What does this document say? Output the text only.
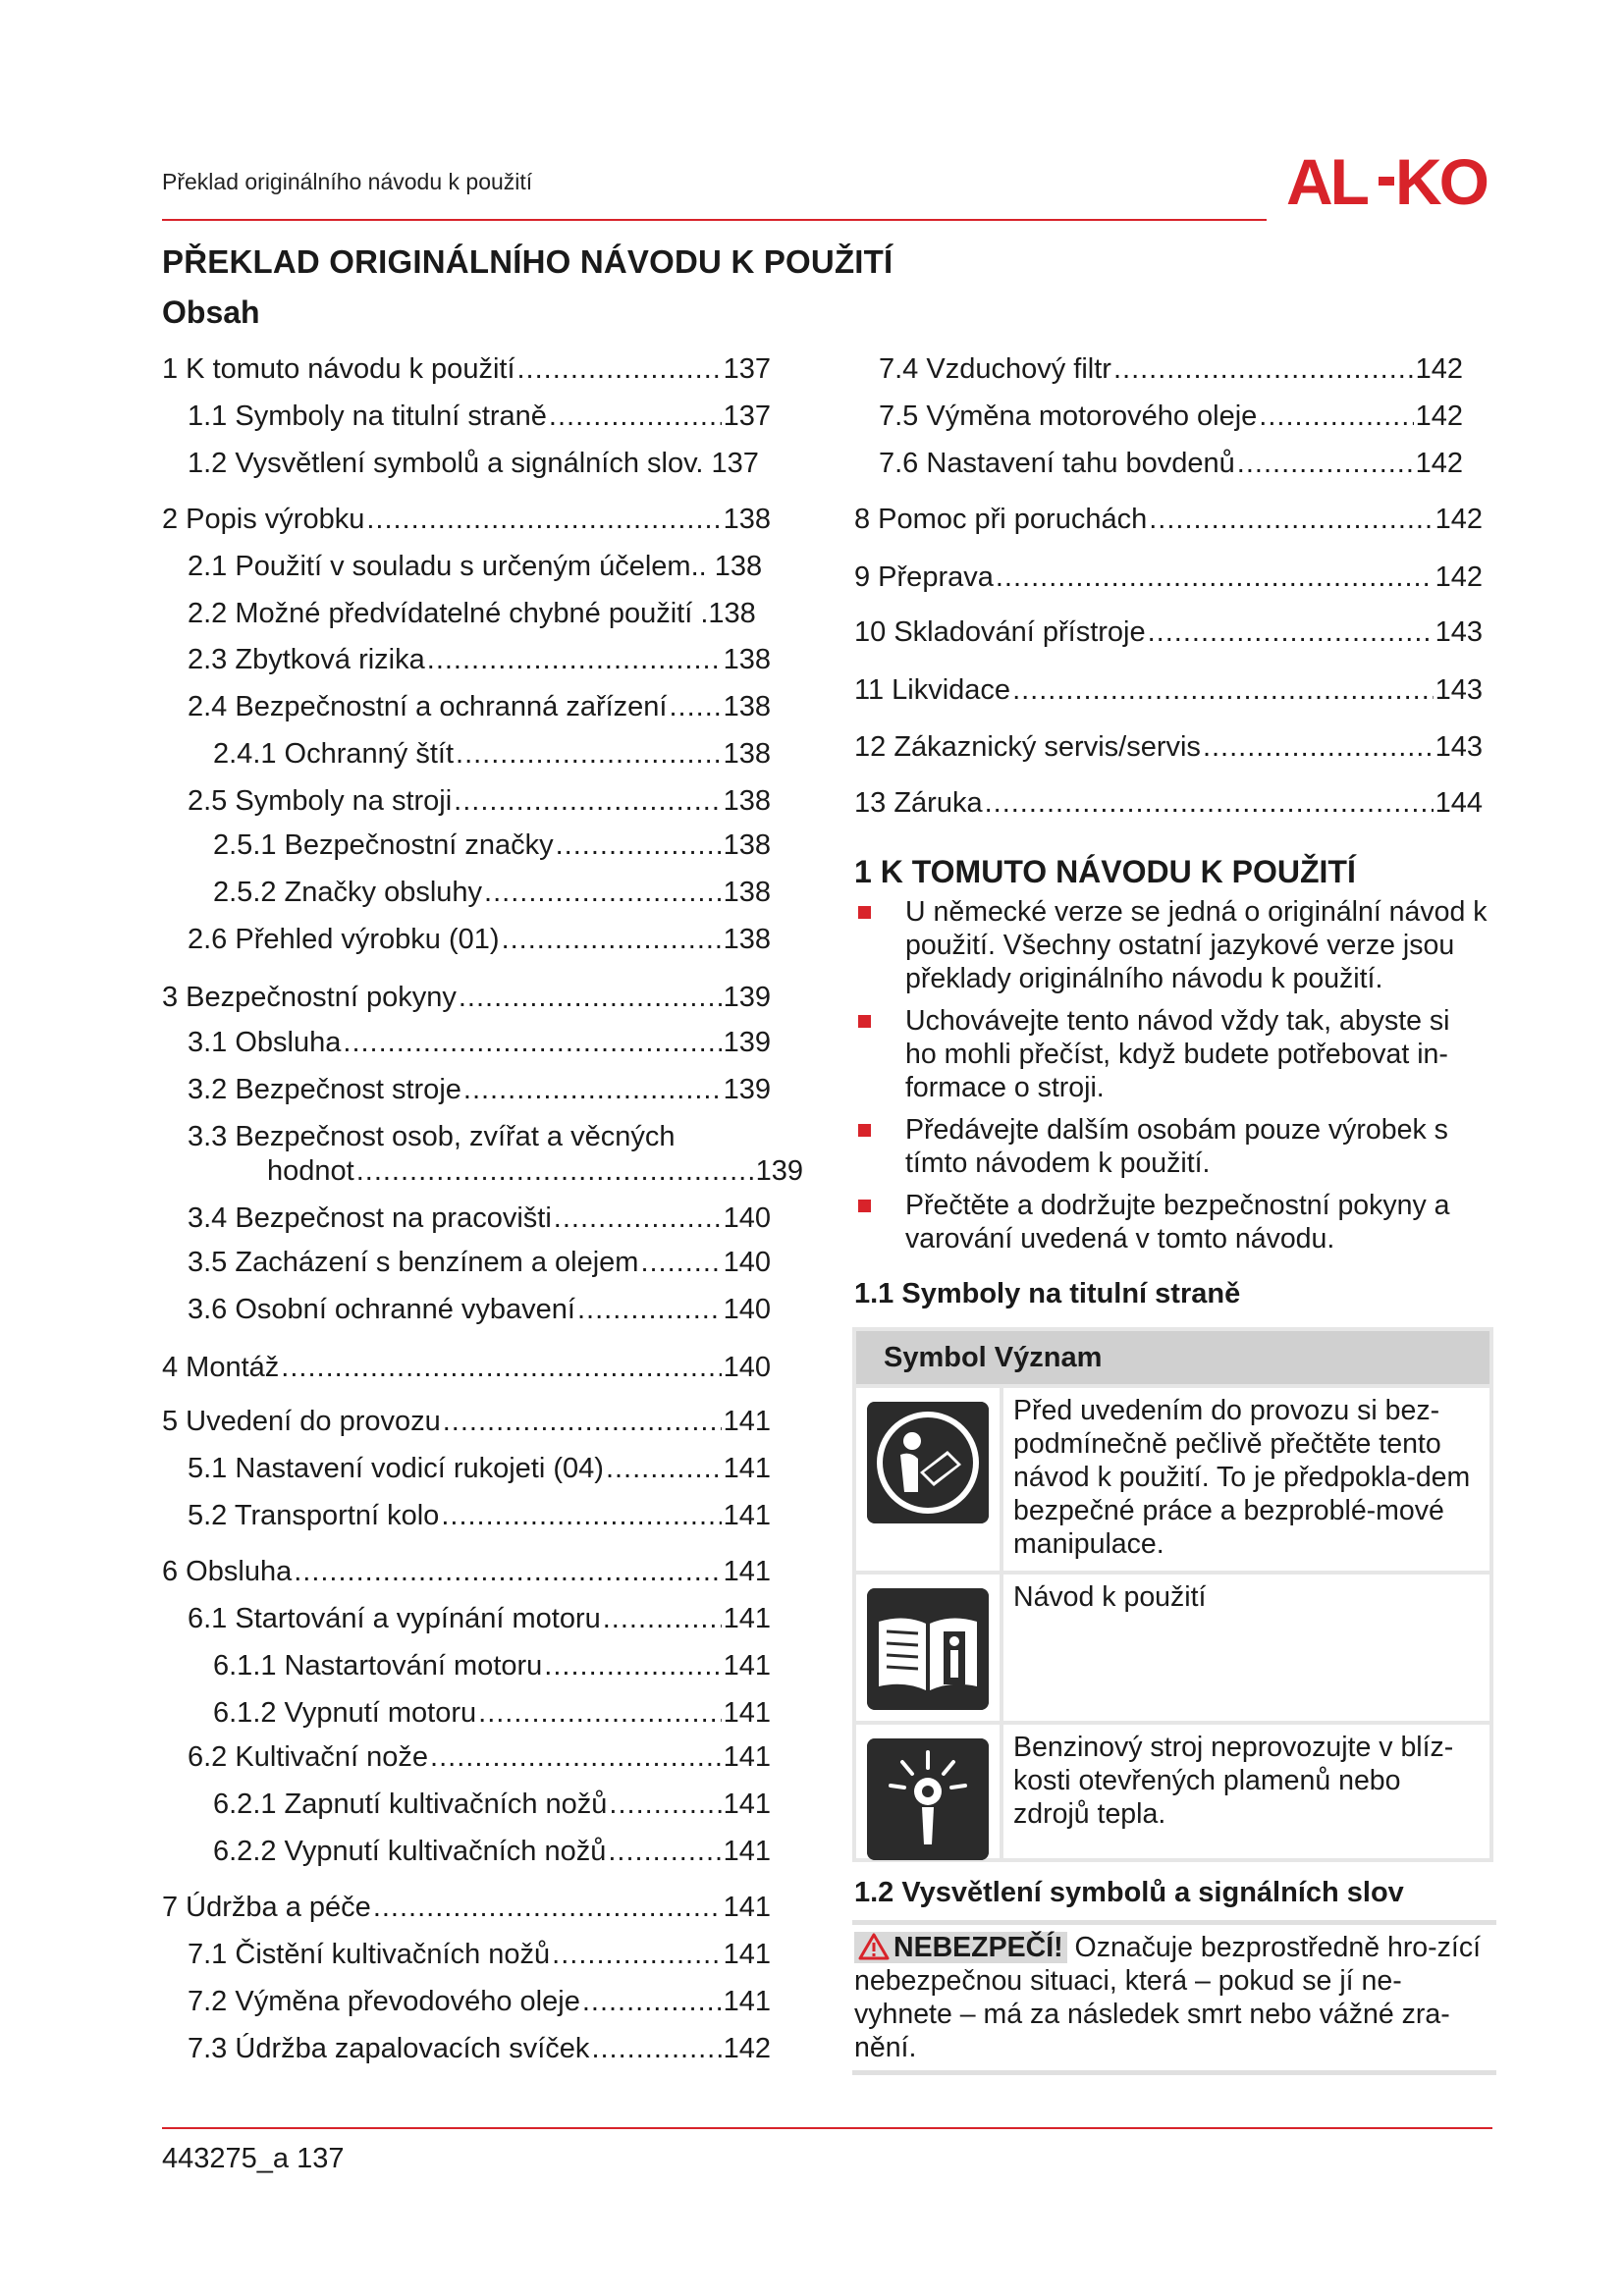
Překlad originálního návodu k použití	AL KO
PŘEKLAD ORIGINÁLNÍHO NÁVODU K POUŽITÍ
Obsah
1 K tomuto návodu k použití .....	137
1.1 Symboly na titulní straně .....	137
1.2 Vysvětlení symbolů a signálních slov. 137
2 Popis výrobku .....	138
2.1 Použití v souladu s určeným účelem.. 138
2.2 Možné předvídatelné chybné použití .138
2.3 Zbytková rizika .....	138
2.4 Bezpečnostní a ochranná zařízení ..... 138
2.4.1 Ochranný štít .....	138
2.5 Symboly na stroji .....	138
2.5.1 Bezpečnostní značky .....	138
2.5.2 Značky obsluhy .....	138
2.6 Přehled výrobku (01) .....	138
3 Bezpečnostní pokyny .....	139
3.1 Obsluha .....	139
3.2 Bezpečnost stroje .....	139
3.3 Bezpečnost osob, zvířat a věcných
hodnot .....	139
3.4 Bezpečnost na pracovišti .....	140
3.5 Zacházení s benzínem a olejem .....	140
3.6 Osobní ochranné vybavení .....	140
4 Montáž .....	140
5 Uvedení do provozu .....	141
5.1 Nastavení vodicí rukojeti (04) .....	141
5.2 Transportní kolo .....	141
6 Obsluha .....	141
6.1 Startování a vypínání motoru .....	141
6.1.1 Nastartování motoru .....	141
6.1.2 Vypnutí motoru .....	141
6.2 Kultivační nože .....	141
6.2.1 Zapnutí kultivačních nožů .....	141
6.2.2 Vypnutí kultivačních nožů .....	141
7 Údržba a péče .....	141
7.1 Čistění kultivačních nožů .....	141
7.2 Výměna převodového oleje .....	141
7.3 Údržba zapalovacích svíček .....	142
7.4 Vzduchový filtr .....	142
7.5 Výměna motorového oleje .....	142
7.6 Nastavení tahu bovdenů .....	142
8 Pomoc při poruchách .....	142
9 Přeprava .....	142
10 Skladování přístroje .....	143
11 Likvidace .....	143
12 Zákaznický servis/servis .....	143
13 Záruka .....	144
1 K TOMUTO NÁVODU K POUŽITÍ
U německé verze se jedná o originální návod k použití. Všechny ostatní jazykové verze jsou překlady originálního návodu k použití.
Uchovávejte tento návod vždy tak, abyste si ho mohli přečíst, když budete potřebovat in-formace o stroji.
Předávejte dalším osobám pouze výrobek s tímto návodem k použití.
Přečtěte a dodržujte bezpečnostní pokyny a varování uvedená v tomto návodu.
1.1 Symboly na titulní straně
Symbol Význam
Před uvedením do provozu si bez-podmínečně pečlivě přečtěte tento návod k použití. To je předpokla-dem bezpečné práce a bezproblé-mové manipulace.
Návod k použití
Benzinový stroj neprovozujte v blíz-kosti otevřených plamenů nebo zdrojů tepla.
1.2 Vysvětlení symbolů a signálních slov
NEBEZPEČÍ! Označuje bezprostředně hro-zící nebezpečnou situaci, která – pokud se jí ne-vyhnete – má za následek smrt nebo vážné zra-nění.
443275_a 137
